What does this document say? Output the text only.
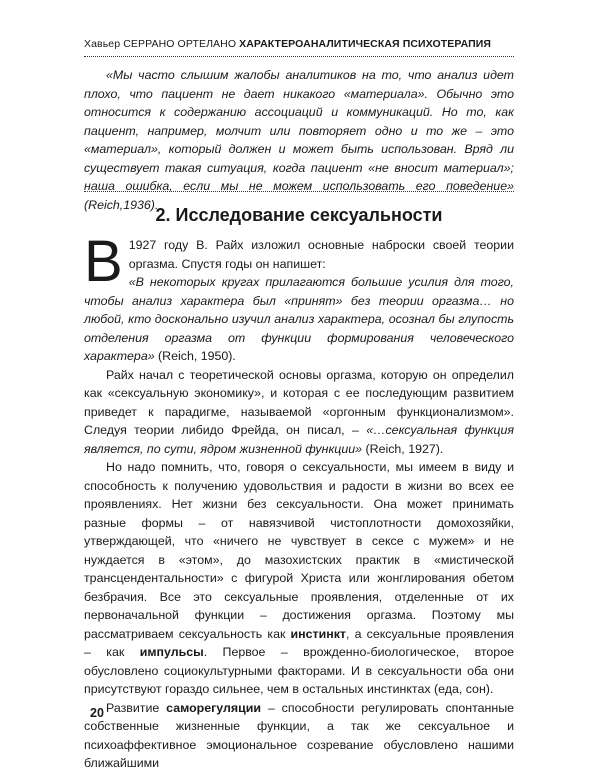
Хавьер СЕРРАНО ОРТЕЛАНО ХАРАКТЕРОАНАЛИТИЧЕСКАЯ ПСИХОТЕРАПИЯ

«Мы часто слышим жалобы аналитиков на то, что анализ идет плохо, что пациент не дает никакого «материала». Обычно это относится к содержанию ассоциаций и коммуникаций. Но то, как пациент, например, молчит или повторяет одно и то же – это «материал», который должен и может быть использован. Вряд ли существует такая ситуация, когда пациент «не вносит материал»; наша ошибка, если мы не можем использовать его поведение» (Reich,1936).

2. Исследование сексуальности

В 1927 году В. Райх изложил основные наброски своей теории оргазма. Спустя годы он напишет:
«В некоторых кругах прилагаются большие усилия для того, чтобы анализ характера был «принят» без теории оргазма… но любой, кто досконально изучил анализ характера, осознал бы глупость отделения оргазма от функции формирования человеческого характера» (Reich, 1950).

Райх начал с теоретической основы оргазма, которую он определил как «сексуальную экономику», и которая с ее последующим развитием приведет к парадигме, называемой «оргонным функционализмом». Следуя теории либидо Фрейда, он писал, – «…сексуальная функция является, по сути, ядром жизненной функции» (Reich, 1927).

Но надо помнить, что, говоря о сексуальности, мы имеем в виду и способность к получению удовольствия и радости в жизни во всех ее проявлениях. Нет жизни без сексуальности. Она может принимать разные формы – от навязчивой чистоплотности домохозяйки, утверждающей, что «ничего не чувствует в сексе с мужем» и не нуждается в «этом», до мазохистских практик в «мистической трансцендентальности» с фигурой Христа или жонглирования обетом безбрачия. Все это сексуальные проявления, отделенные от их первоначальной функции – достижения оргазма. Поэтому мы рассматриваем сексуальность как инстинкт, а сексуальные проявления – как импульсы. Первое – врожденно-биологическое, второе обусловлено социокультурными факторами. И в сексуальности оба они присутствуют гораздо сильнее, чем в остальных инстинктах (еда, сон).

Развитие саморегуляции – способности регулировать спонтанные собственные жизненные функции, а так же сексуальное и психоаффективное эмоциональное созревание обусловлено нашими ближайшими

20
